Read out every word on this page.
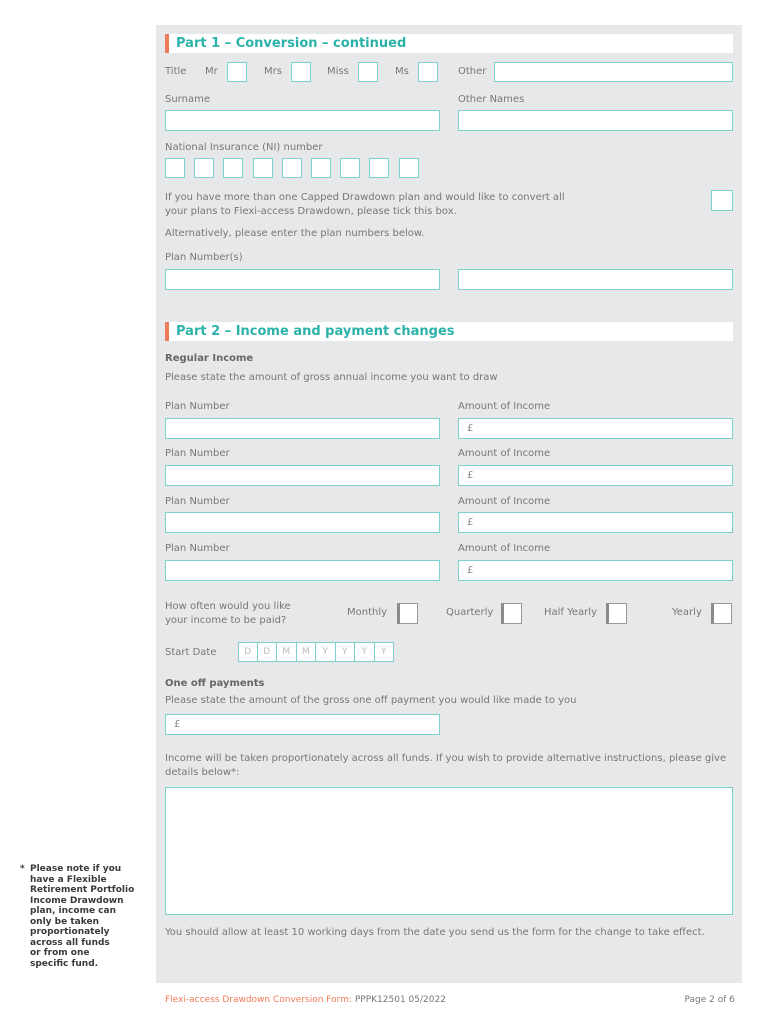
Part 1 – Conversion – continued
Title Mr	Mrs	Miss	Ms	Other
Surname	Other Names
National Insurance (NI) number
If you have more than one Capped Drawdown plan and would like to convert all
your plans to Flexi-access Drawdown, please tick this box.
Alternatively, please enter the plan numbers below.
Plan Number(s)
Part 2 – Income and payment changes
Regular Income
Please state the amount of gross annual income you want to draw
Plan Number	Amount of Income
£
Plan Number	Amount of Income
£
Plan Number	Amount of Income
£
Plan Number	Amount of Income
£
How often would you like
your income to be paid?
Monthly	Quarterly	Half Yearly	Yearly
Start Date	D	D	M	M	Y	Y	Y	Y
One off payments
Please state the amount of the gross one off payment you would like made to you
£
Income will be taken proportionately across all funds. If you wish to provide alternative instructions, please give
details below*:
You should allow at least 10 working days from the date you send us the form for the change to take effect.
* Please note if you
have a Flexible
Retirement Portfolio
Income Drawdown
plan, income can
only be taken
proportionately
across all funds
or from one
specific fund.
Flexi-access Drawdown Conversion Form: PPPK12501 05/2022	Page 2 of 6
